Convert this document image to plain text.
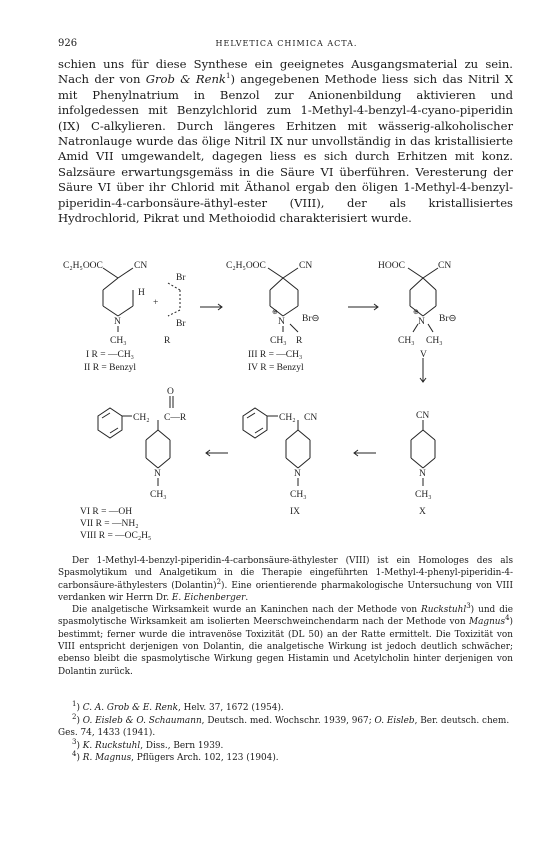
926	HELVETICA CHIMICA ACTA.

schien uns für diese Synthese ein geeignetes Ausgangsmaterial zu sein. Nach der von Grob & Renk$^1$) angegebenen Methode liess sich das Nitril X mit Phenylnatrium in Benzol zur Anionenbildung aktivieren und infolgedessen mit Benzylchlorid zum 1-Methyl-4-benzyl-4-cyano-piperidin (IX) C-alkylieren. Durch längeres Erhitzen mit wässerig-alkoholischer Natronlauge wurde das ölige Nitril IX nur unvollständig in das kristallisierte Amid VII umgewandelt, dagegen liess es sich durch Erhitzen mit konz. Salzsäure erwartungsgemäss in die Säure VI überführen. Veresterung der Säure VI über ihr Chlorid mit Äthanol ergab den öligen 1-Methyl-4-benzyl-piperidin-4-carbonsäure-äthyl-ester (VIII), der als kristallisiertes Hydrochlorid, Pikrat und Methoiodid charakterisiert wurde.

C₂H₅OOC	CN
Br
H
+
Br
N
CH₃	R
I R = —CH₃
II R = Benzyl
C₂H₅OOC	CN
⊕
N Br⊖
CH₃ R
III R = —CH₃
IV R = Benzyl
HOOC	CN
⊕
N Br⊖
CH₃ CH₃
V
O
CH₂ C—R
N
CH₃
VI R = —OH
VII R = —NH₂
VIII R = —OC₂H₅
CH₂ CN
N
CH₃
IX
CN
N
CH₃
X

Der 1-Methyl-4-benzyl-piperidin-4-carbonsäure-äthylester (VIII) ist ein Homologes des als Spasmolytikum und Analgetikum in die Therapie eingeführten 1-Methyl-4-phenyl-piperidin-4-carbonsäure-äthylesters (Dolantin)$^2$). Eine orientierende pharmakologische Untersuchung von VIII verdanken wir Herrn Dr. E. Eichenberger.

Die analgetische Wirksamkeit wurde an Kaninchen nach der Methode von Ruckstuhl$^3$) und die spasmolytische Wirksamkeit am isolierten Meerschweinchendarm nach der Methode von Magnus$^4$) bestimmt; ferner wurde die intravenöse Toxizität (DL 50) an der Ratte ermittelt. Die Toxizität von VIII entspricht derjenigen von Dolantin, die analgetische Wirkung ist jedoch deutlich schwächer; ebenso bleibt die spasmolytische Wirkung gegen Histamin und Acetylcholin hinter derjenigen von Dolantin zurück.

$^1$) C. A. Grob & E. Renk, Helv. 37, 1672 (1954).

$^2$) O. Eisleb & O. Schaumann, Deutsch. med. Wochschr. 1939, 967; O. Eisleb, Ber. deutsch. chem. Ges. 74, 1433 (1941).

$^3$) K. Ruckstuhl, Diss., Bern 1939.

$^4$) R. Magnus, Pflügers Arch. 102, 123 (1904).
